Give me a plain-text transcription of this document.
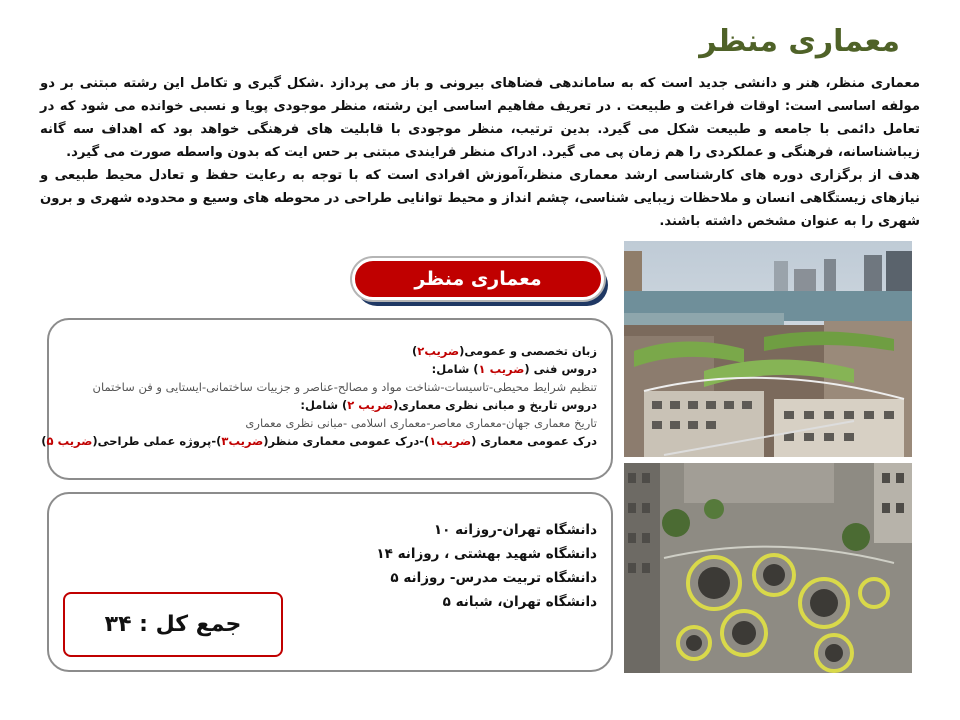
معماری منظر

معماری منظر، هنر و دانشی جدید است که به ساماندهی فضاهای بیرونی و باز می پردازد .شکل گیری و تکامل این رشته مبتنی بر دو مولفه اساسی است: اوقات فراغت و طبیعت . در تعریف مفاهیم اساسی این رشته، منظر موجودی پویا و نسبی خوانده می شود که در تعامل دائمی با جامعه و طبیعت شکل می گیرد. بدین ترتیب، منظر موجودی با قابلیت های فرهنگی خواهد بود که اهداف سه گانه زیباشناسانه، فرهنگی و عملکردی را هم زمان پی می گیرد. ادراک منظر فرایندی مبتنی بر حس ایت که بدون واسطه صورت می گیرد.

هدف از برگزاری دوره های کارشناسی ارشد معماری منظر،آموزش افرادی است که با توجه به رعایت حفظ و تعادل محیط طبیعی و نیازهای زیستگاهی انسان و ملاحظات زیبایی شناسی، چشم انداز و محیط توانایی طراحی در محوطه های وسیع و محدوده شهری و برون شهری را به عنوان مشخص داشته باشند.

معماری منظر
زبان تخصصی و عمومی(ضریب۲)
دروس فنی (ضریب ۱) شامل:
تنظیم شرایط محیطی-تاسیسات-شناخت مواد و مصالح-عناصر و جزییات ساختمانی-ایستایی و فن ساختمان
دروس تاریخ و مبانی نظری معماری(ضریب ۲) شامل:
تاریخ معماری جهان-معماری معاصر-معماری اسلامی -مبانی نظری معماری
درک عمومی معماری (ضریب۱)-درک عمومی معماری منظر(ضریب۳)-پروژه عملی طراحی(ضریب ۵)
دانشگاه تهران-روزانه ۱۰
دانشگاه شهید بهشتی ، روزانه ۱۴
دانشگاه تربیت مدرس- روزانه ۵
دانشگاه تهران، شبانه ۵
جمع کل : ۳۴
